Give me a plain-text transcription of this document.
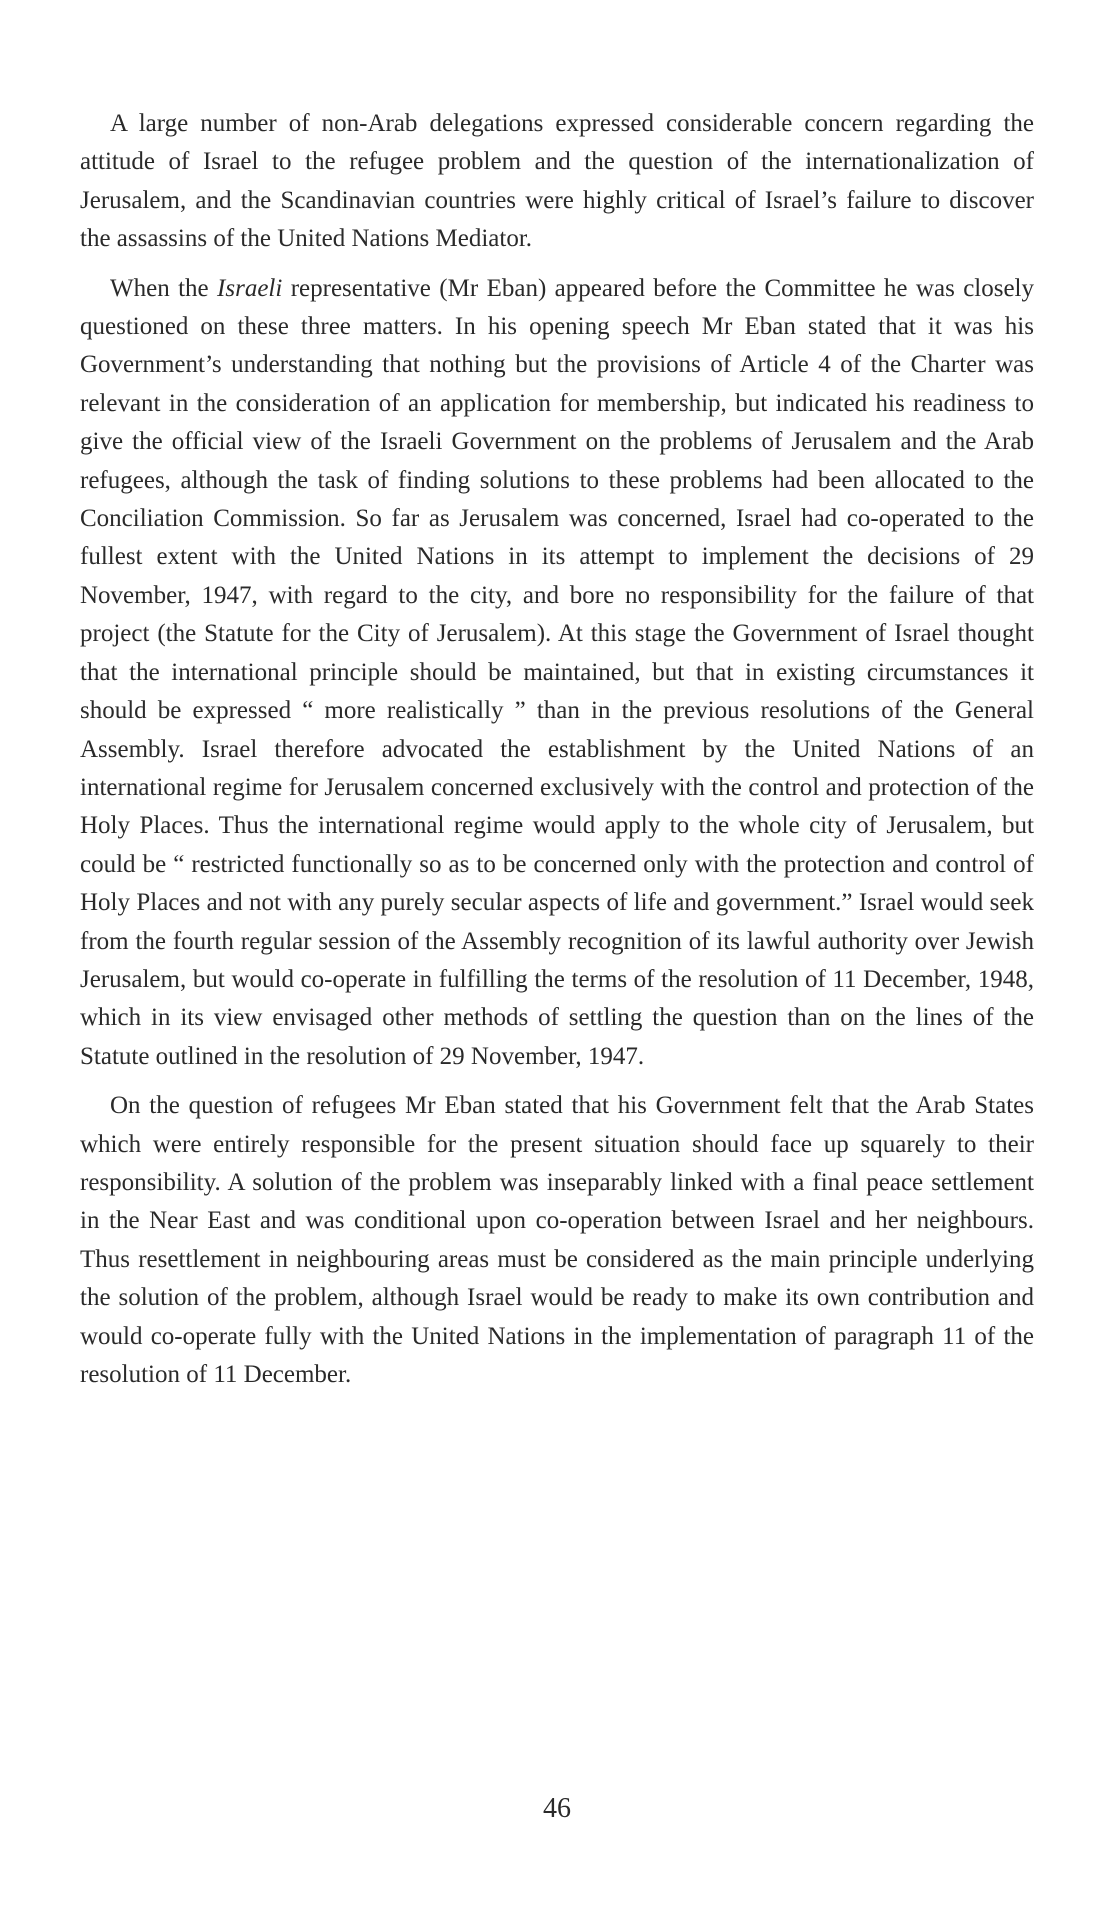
A large number of non-Arab delegations expressed considerable concern regarding the attitude of Israel to the refugee problem and the question of the internationalization of Jerusalem, and the Scandinavian countries were highly critical of Israel’s failure to discover the assassins of the United Nations Mediator.

When the Israeli representative (Mr Eban) appeared before the Committee he was closely questioned on these three matters. In his opening speech Mr Eban stated that it was his Government’s understanding that nothing but the provisions of Article 4 of the Charter was relevant in the consideration of an application for membership, but indicated his readiness to give the official view of the Israeli Government on the problems of Jerusalem and the Arab refugees, although the task of finding solutions to these problems had been allocated to the Conciliation Commission. So far as Jerusalem was concerned, Israel had co-operated to the fullest extent with the United Nations in its attempt to implement the decisions of 29 November, 1947, with regard to the city, and bore no responsibility for the failure of that project (the Statute for the City of Jerusalem). At this stage the Government of Israel thought that the international principle should be maintained, but that in existing circumstances it should be expressed “ more realistically ” than in the previous resolutions of the General Assembly. Israel therefore advocated the establishment by the United Nations of an international regime for Jerusalem concerned exclusively with the control and protection of the Holy Places. Thus the international regime would apply to the whole city of Jerusalem, but could be “ restricted functionally so as to be concerned only with the protection and control of Holy Places and not with any purely secular aspects of life and government.” Israel would seek from the fourth regular session of the Assembly recognition of its lawful authority over Jewish Jerusalem, but would co-operate in fulfilling the terms of the resolution of 11 December, 1948, which in its view envisaged other methods of settling the question than on the lines of the Statute outlined in the resolution of 29 November, 1947.

On the question of refugees Mr Eban stated that his Government felt that the Arab States which were entirely responsible for the present situation should face up squarely to their responsibility. A solution of the problem was inseparably linked with a final peace settlement in the Near East and was conditional upon co-operation between Israel and her neighbours. Thus resettlement in neighbouring areas must be considered as the main principle underlying the solution of the problem, although Israel would be ready to make its own contribution and would co-operate fully with the United Nations in the implementation of paragraph 11 of the resolution of 11 December.

46
